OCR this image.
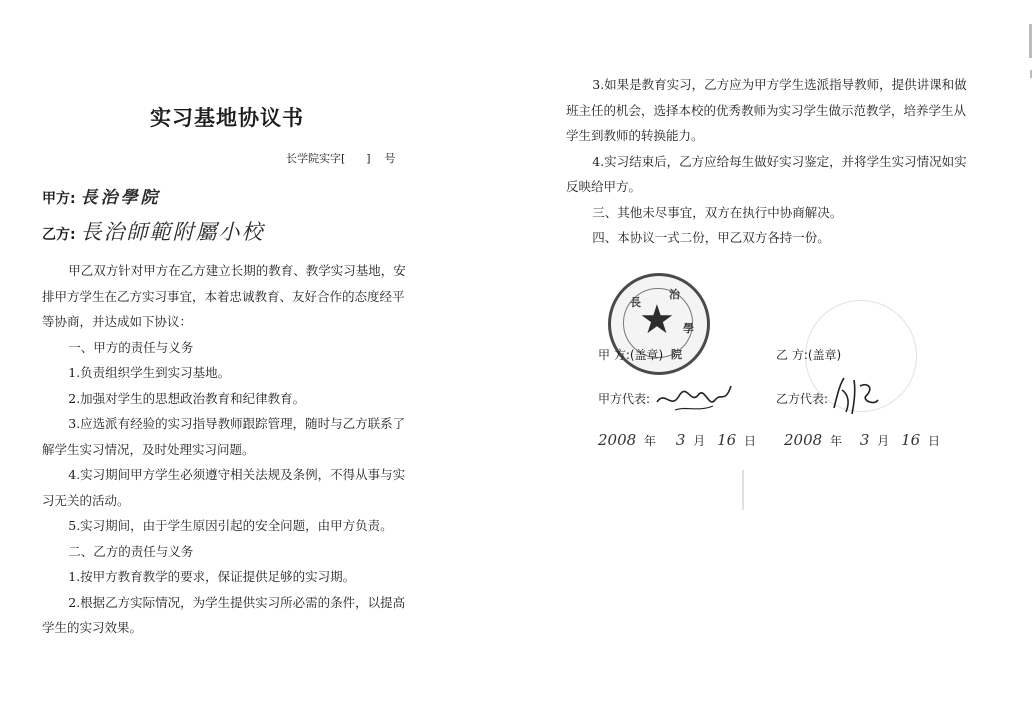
实习基地协议书
长学院实字[      ]    号
甲方: 長治學院
乙方: 長治師範附屬小校

甲乙双方针对甲方在乙方建立长期的教育、教学实习基地，安排甲方学生在乙方实习事宜，本着忠诚教育、友好合作的态度经平等协商，并达成如下协议：

一、甲方的责任与义务

1.负责组织学生到实习基地。

2.加强对学生的思想政治教育和纪律教育。

3.应选派有经验的实习指导教师跟踪管理，随时与乙方联系了解学生实习情况，及时处理实习问题。

4.实习期间甲方学生必须遵守相关法规及条例，不得从事与实习无关的活动。

5.实习期间，由于学生原因引起的安全问题，由甲方负责。

二、乙方的责任与义务

1.按甲方教育教学的要求，保证提供足够的实习期。

2.根据乙方实际情况，为学生提供实习所必需的条件，以提高学生的实习效果。

3.如果是教育实习，乙方应为甲方学生选派指导教师，提供讲课和做班主任的机会，选择本校的优秀教师为实习学生做示范教学，培养学生从学生到教师的转换能力。

4.实习结束后，乙方应给每生做好实习鉴定，并将学生实习情况如实反映给甲方。

三、其他未尽事宜，双方在执行中协商解决。

四、本协议一式二份，甲乙双方各持一份。

長
治
學
院
★
甲 方:(盖章)	乙 方:(盖章)
甲方代表:	乙方代表:
2008 年 3 月 16 日 2008 年 3 月 16 日
